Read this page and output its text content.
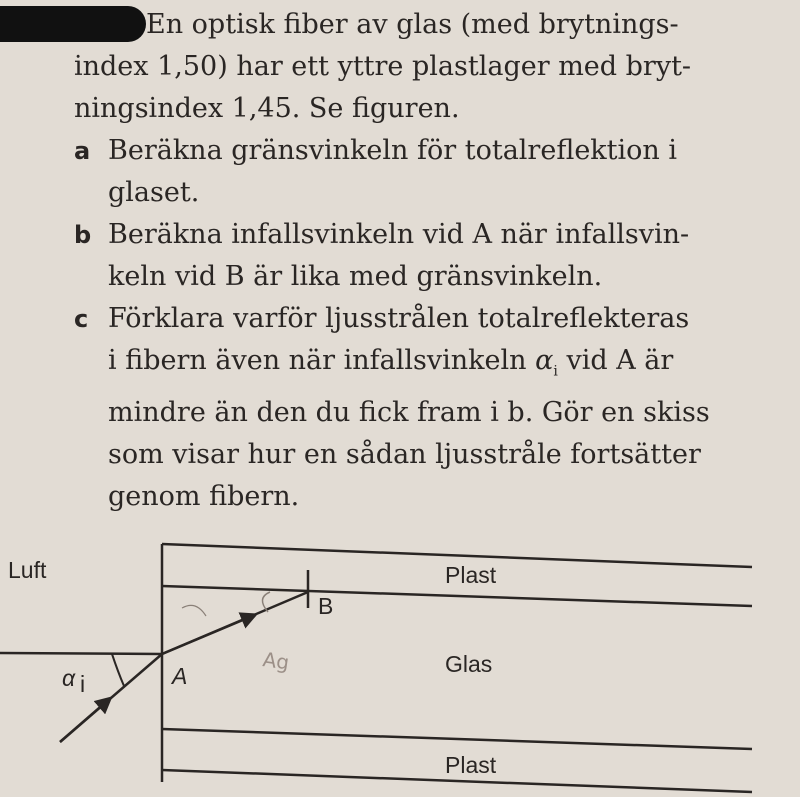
En optisk fiber av glas (med brytnings-
index 1,50) har ett yttre plastlager med bryt-
ningsindex 1,45. Se figuren.
a Beräkna gränsvinkeln för totalreflektion i
glaset.
b Beräkna infallsvinkeln vid A när infallsvin-
keln vid B är lika med gränsvinkeln.
c Förklara varför ljusstrålen totalreflekteras
i fibern även när infallsvinkeln $\alpha_i$ vid A är
mindre än den du fick fram i b. Gör en skiss
som visar hur en sådan ljusstråle fortsätter
genom fibern.
Ag
Luft	Plast
Glas
Plast
A
B
α i
